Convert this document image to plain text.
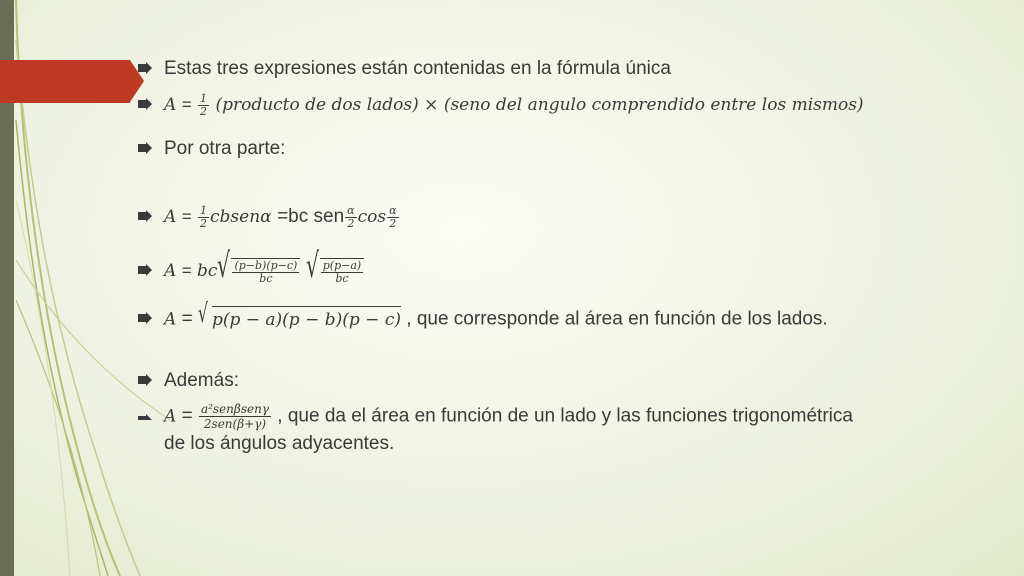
Estas tres expresiones están contenidas en la fórmula única
$A = \frac{1}{2}$ (producto de dos lados) × (seno del angulo comprendido entre los mismos)
Por otra parte:
$A = \frac{1}{2}$ cbsenα =bc sen $\frac{\alpha}{2}$ $\cos \frac{\alpha}{2}$
A = bc √ $\frac{(p-b)(p-c)}{bc}$
√ $\frac{p(p-a)}{bc}$
A = √ p(p − a)(p − b)(p − c) , que corresponde al área en función de los lados.
Además:
$A = \frac{\text{a²senβsenγ}}{\text{2sen(β+γ)}}$ , que da el área en función de un lado y las funciones trigonométrica de los ángulos adyacentes.
